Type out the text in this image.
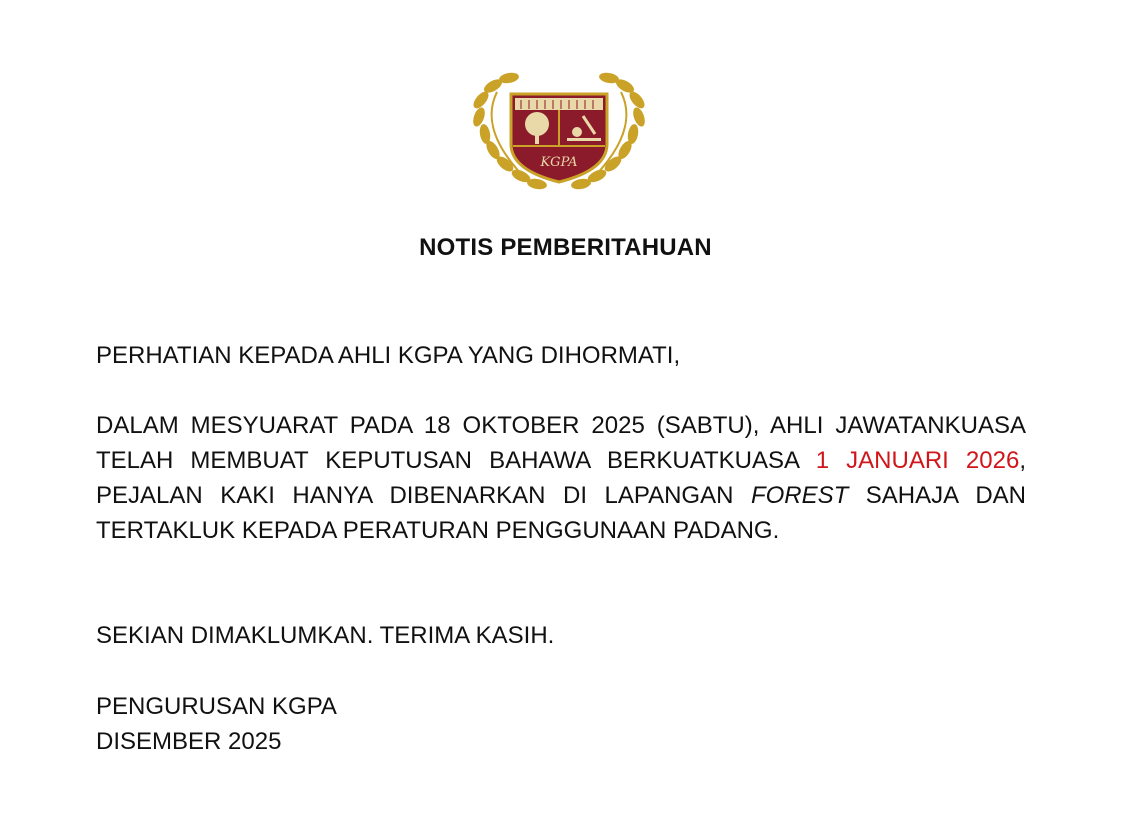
KGPA
NOTIS PEMBERITAHUAN
PERHATIAN KEPADA AHLI KGPA YANG DIHORMATI,
DALAM MESYUARAT PADA 18 OKTOBER 2025 (SABTU), AHLI JAWATANKUASA TELAH MEMBUAT KEPUTUSAN BAHAWA BERKUATKUASA 1 JANUARI 2026, PEJALAN KAKI HANYA DIBENARKAN DI LAPANGAN FOREST SAHAJA DAN TERTAKLUK KEPADA PERATURAN PENGGUNAAN PADANG.
SEKIAN DIMAKLUMKAN. TERIMA KASIH.
PENGURUSAN KGPA
DISEMBER 2025
